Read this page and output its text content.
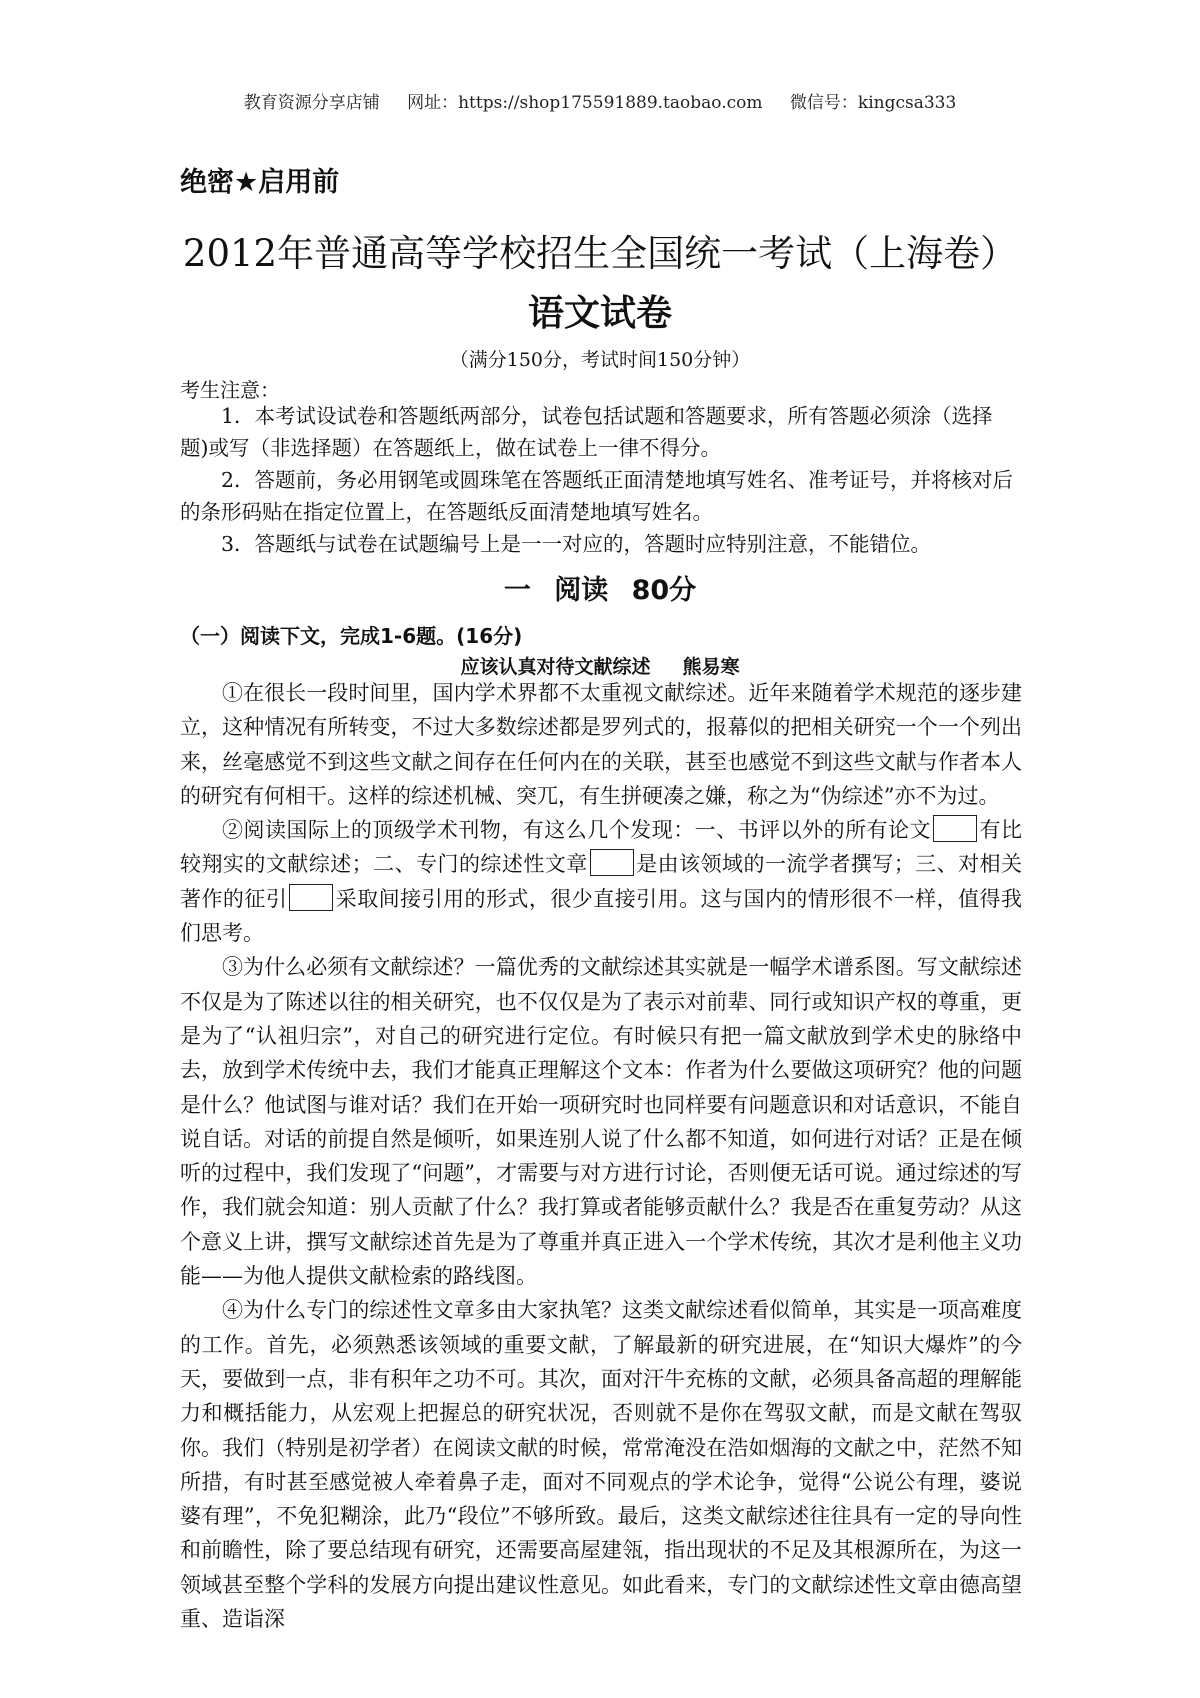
教育资源分享店铺 网址：https://shop175591889.taobao.com 微信号：kingcsa333
绝密★启用前
2012年普通高等学校招生全国统一考试（上海卷）
语文试卷
（满分150分，考试时间150分钟）
考生注意：

1．本考试设试卷和答题纸两部分，试卷包括试题和答题要求，所有答题必须涂（选择题)或写（非选择题）在答题纸上，做在试卷上一律不得分。

2．答题前，务必用钢笔或圆珠笔在答题纸正面清楚地填写姓名、准考证号，并将核对后的条形码贴在指定位置上，在答题纸反面清楚地填写姓名。

3．答题纸与试卷在试题编号上是一一对应的，答题时应特别注意，不能错位。

一 阅读 80分
（一）阅读下文，完成1-6题。(16分)
应该认真对待文献综述 熊易寒

①在很长一段时间里，国内学术界都不太重视文献综述。近年来随着学术规范的逐步建立，这种情况有所转变，不过大多数综述都是罗列式的，报幕似的把相关研究一个一个列出来，丝毫感觉不到这些文献之间存在任何内在的关联，甚至也感觉不到这些文献与作者本人的研究有何相干。这样的综述机械、突兀，有生拼硬凑之嫌，称之为“伪综述”亦不为过。

②阅读国际上的顶级学术刊物，有这么几个发现：一、书评以外的所有论文 有比较翔实的文献综述；二、专门的综述性文章 是由该领域的一流学者撰写；三、对相关著作的征引 采取间接引用的形式，很少直接引用。这与国内的情形很不一样，值得我们思考。

③为什么必须有文献综述？一篇优秀的文献综述其实就是一幅学术谱系图。写文献综述不仅是为了陈述以往的相关研究，也不仅仅是为了表示对前辈、同行或知识产权的尊重，更是为了“认祖归宗”，对自己的研究进行定位。有时候只有把一篇文献放到学术史的脉络中去，放到学术传统中去，我们才能真正理解这个文本：作者为什么要做这项研究？他的问题是什么？他试图与谁对话？我们在开始一项研究时也同样要有问题意识和对话意识，不能自说自话。对话的前提自然是倾听，如果连别人说了什么都不知道，如何进行对话？正是在倾听的过程中，我们发现了“问题”，才需要与对方进行讨论，否则便无话可说。通过综述的写作，我们就会知道：别人贡献了什么？我打算或者能够贡献什么？我是否在重复劳动？从这个意义上讲，撰写文献综述首先是为了尊重并真正进入一个学术传统，其次才是利他主义功能——为他人提供文献检索的路线图。

④为什么专门的综述性文章多由大家执笔？这类文献综述看似简单，其实是一项高难度的工作。首先，必须熟悉该领域的重要文献，了解最新的研究进展，在“知识大爆炸”的今天，要做到一点，非有积年之功不可。其次，面对汗牛充栋的文献，必须具备高超的理解能力和概括能力，从宏观上把握总的研究状况，否则就不是你在驾驭文献，而是文献在驾驭你。我们（特别是初学者）在阅读文献的时候，常常淹没在浩如烟海的文献之中，茫然不知所措，有时甚至感觉被人牵着鼻子走，面对不同观点的学术论争，觉得“公说公有理，婆说婆有理”，不免犯糊涂，此乃“段位”不够所致。最后，这类文献综述往往具有一定的导向性和前瞻性，除了要总结现有研究，还需要高屋建瓴，指出现状的不足及其根源所在，为这一领域甚至整个学科的发展方向提出建议性意见。如此看来，专门的文献综述性文章由德高望重、造诣深
